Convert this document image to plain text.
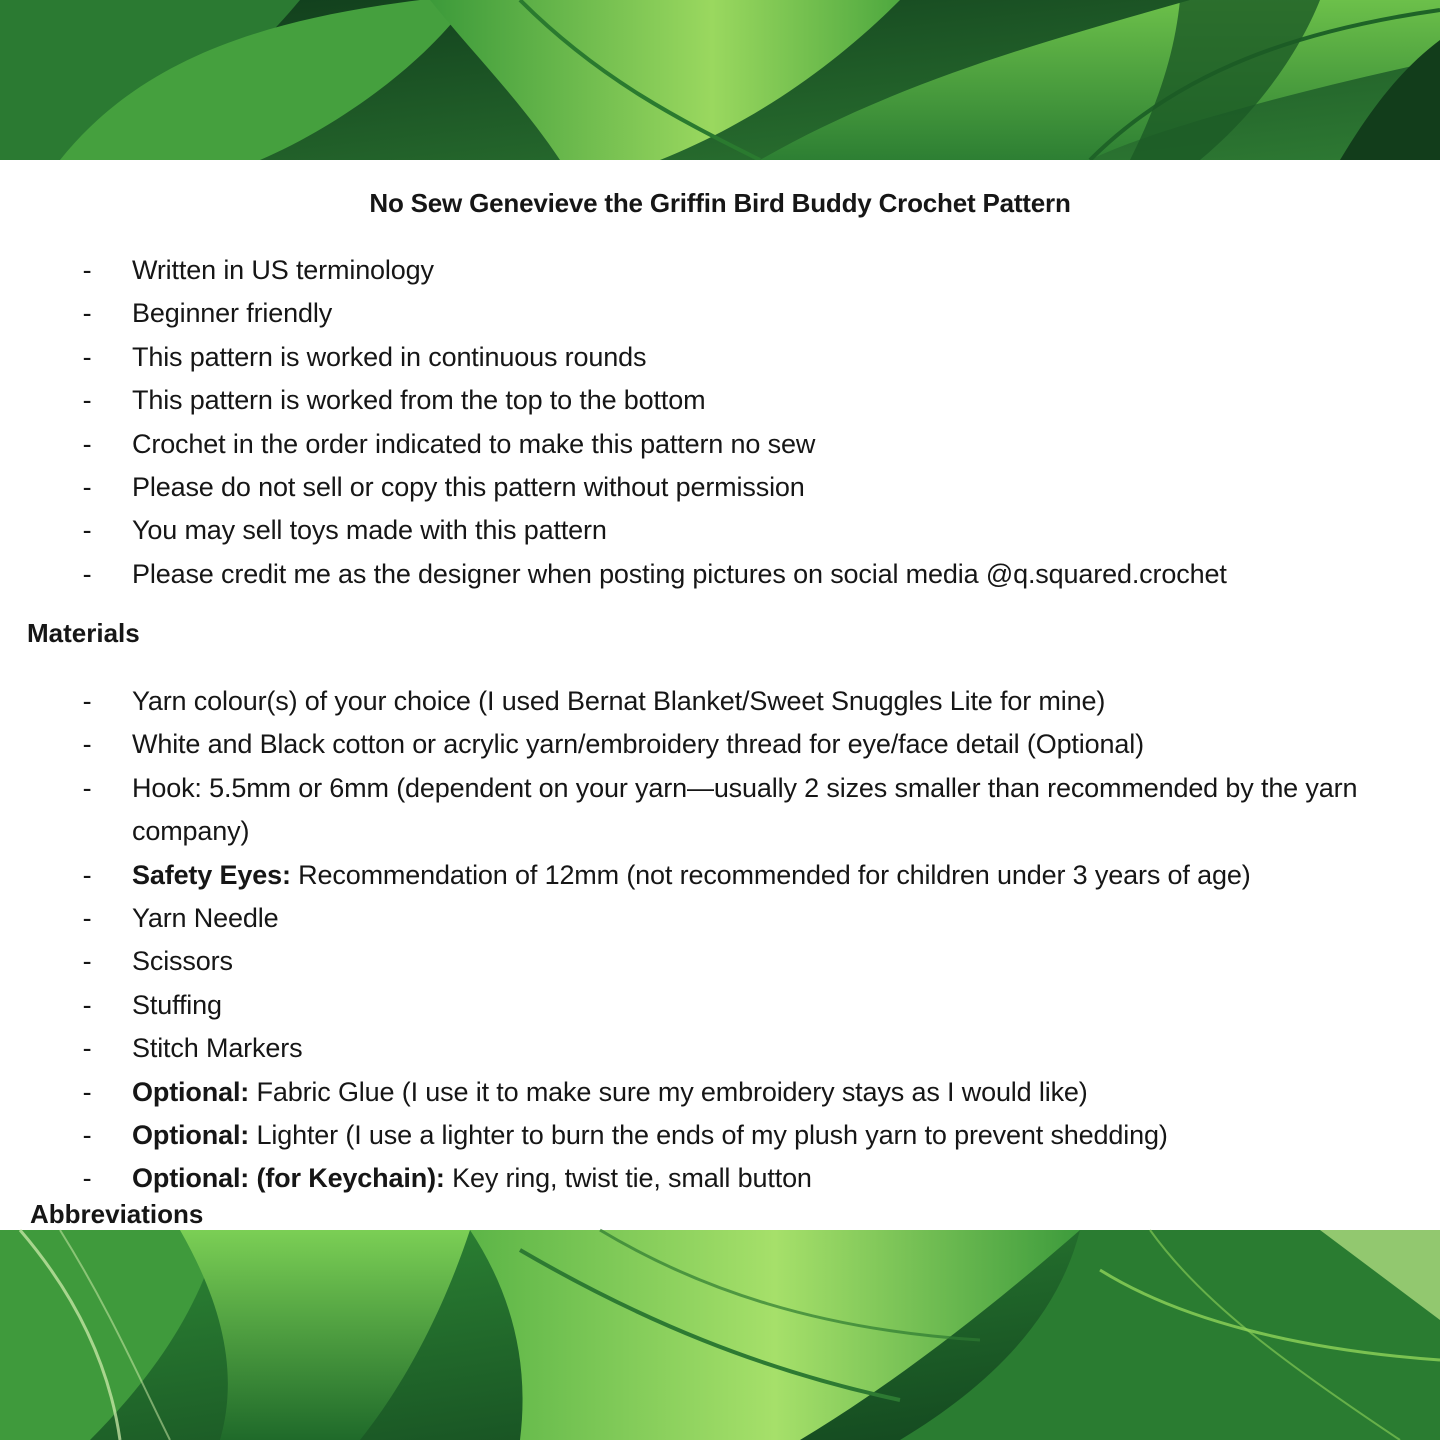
No Sew Genevieve the Griffin Bird Buddy Crochet Pattern
- Written in US terminology
- Beginner friendly
- This pattern is worked in continuous rounds
- This pattern is worked from the top to the bottom
- Crochet in the order indicated to make this pattern no sew
- Please do not sell or copy this pattern without permission
- You may sell toys made with this pattern
- Please credit me as the designer when posting pictures on social media @q.squared.crochet
Materials
- Yarn colour(s) of your choice (I used Bernat Blanket/Sweet Snuggles Lite for mine)
- White and Black cotton or acrylic yarn/embroidery thread for eye/face detail (Optional)
- Hook: 5.5mm or 6mm (dependent on your yarn—usually 2 sizes smaller than recommended by the yarn company)
- Safety Eyes: Recommendation of 12mm (not recommended for children under 3 years of age)
- Yarn Needle
- Scissors
- Stuffing
- Stitch Markers
- Optional: Fabric Glue (I use it to make sure my embroidery stays as I would like)
- Optional: Lighter (I use a lighter to burn the ends of my plush yarn to prevent shedding)
- Optional: (for Keychain): Key ring, twist tie, small button
Abbreviations
